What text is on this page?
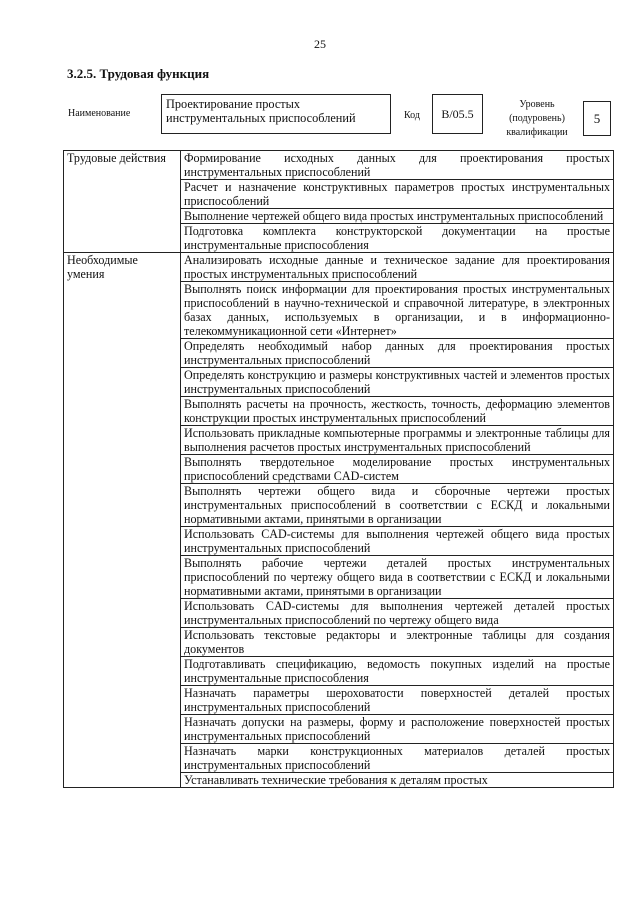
25
3.2.5. Трудовая функция
Наименование
Проектирование простых инструментальных приспособлений	Код B/05.5
Уровень (подуровень) квалификации
5
Трудовые действия	Формирование исходных данных для проектирования простых инструментальных приспособлений
	Расчет и назначение конструктивных параметров простых инструментальных приспособлений
	Выполнение чертежей общего вида простых инструментальных приспособлений
	Подготовка комплекта конструкторской документации на простые инструментальные приспособления
Необходимые умения	Анализировать исходные данные и техническое задание для проектирования простых инструментальных приспособлений
	Выполнять поиск информации для проектирования простых инструментальных приспособлений в научно-технической и справочной литературе, в электронных базах данных, используемых в организации, и в информационно-телекоммуникационной сети «Интернет»
	Определять необходимый набор данных для проектирования простых инструментальных приспособлений
	Определять конструкцию и размеры конструктивных частей и элементов простых инструментальных приспособлений
	Выполнять расчеты на прочность, жесткость, точность, деформацию элементов конструкции простых инструментальных приспособлений
	Использовать прикладные компьютерные программы и электронные таблицы для выполнения расчетов простых инструментальных приспособлений
	Выполнять твердотельное моделирование простых инструментальных приспособлений средствами CAD-систем
	Выполнять чертежи общего вида и сборочные чертежи простых инструментальных приспособлений в соответствии с ЕСКД и локальными нормативными актами, принятыми в организации
	Использовать CAD-системы для выполнения чертежей общего вида простых инструментальных приспособлений
	Выполнять рабочие чертежи деталей простых инструментальных приспособлений по чертежу общего вида в соответствии с ЕСКД и локальными нормативными актами, принятыми в организации
	Использовать CAD-системы для выполнения чертежей деталей простых инструментальных приспособлений по чертежу общего вида
	Использовать текстовые редакторы и электронные таблицы для создания документов
	Подготавливать спецификацию, ведомость покупных изделий на простые инструментальные приспособления
	Назначать параметры шероховатости поверхностей деталей простых инструментальных приспособлений
	Назначать допуски на размеры, форму и расположение поверхностей простых инструментальных приспособлений
	Назначать марки конструкционных материалов деталей простых инструментальных приспособлений
	Устанавливать технические требования к деталям простых
